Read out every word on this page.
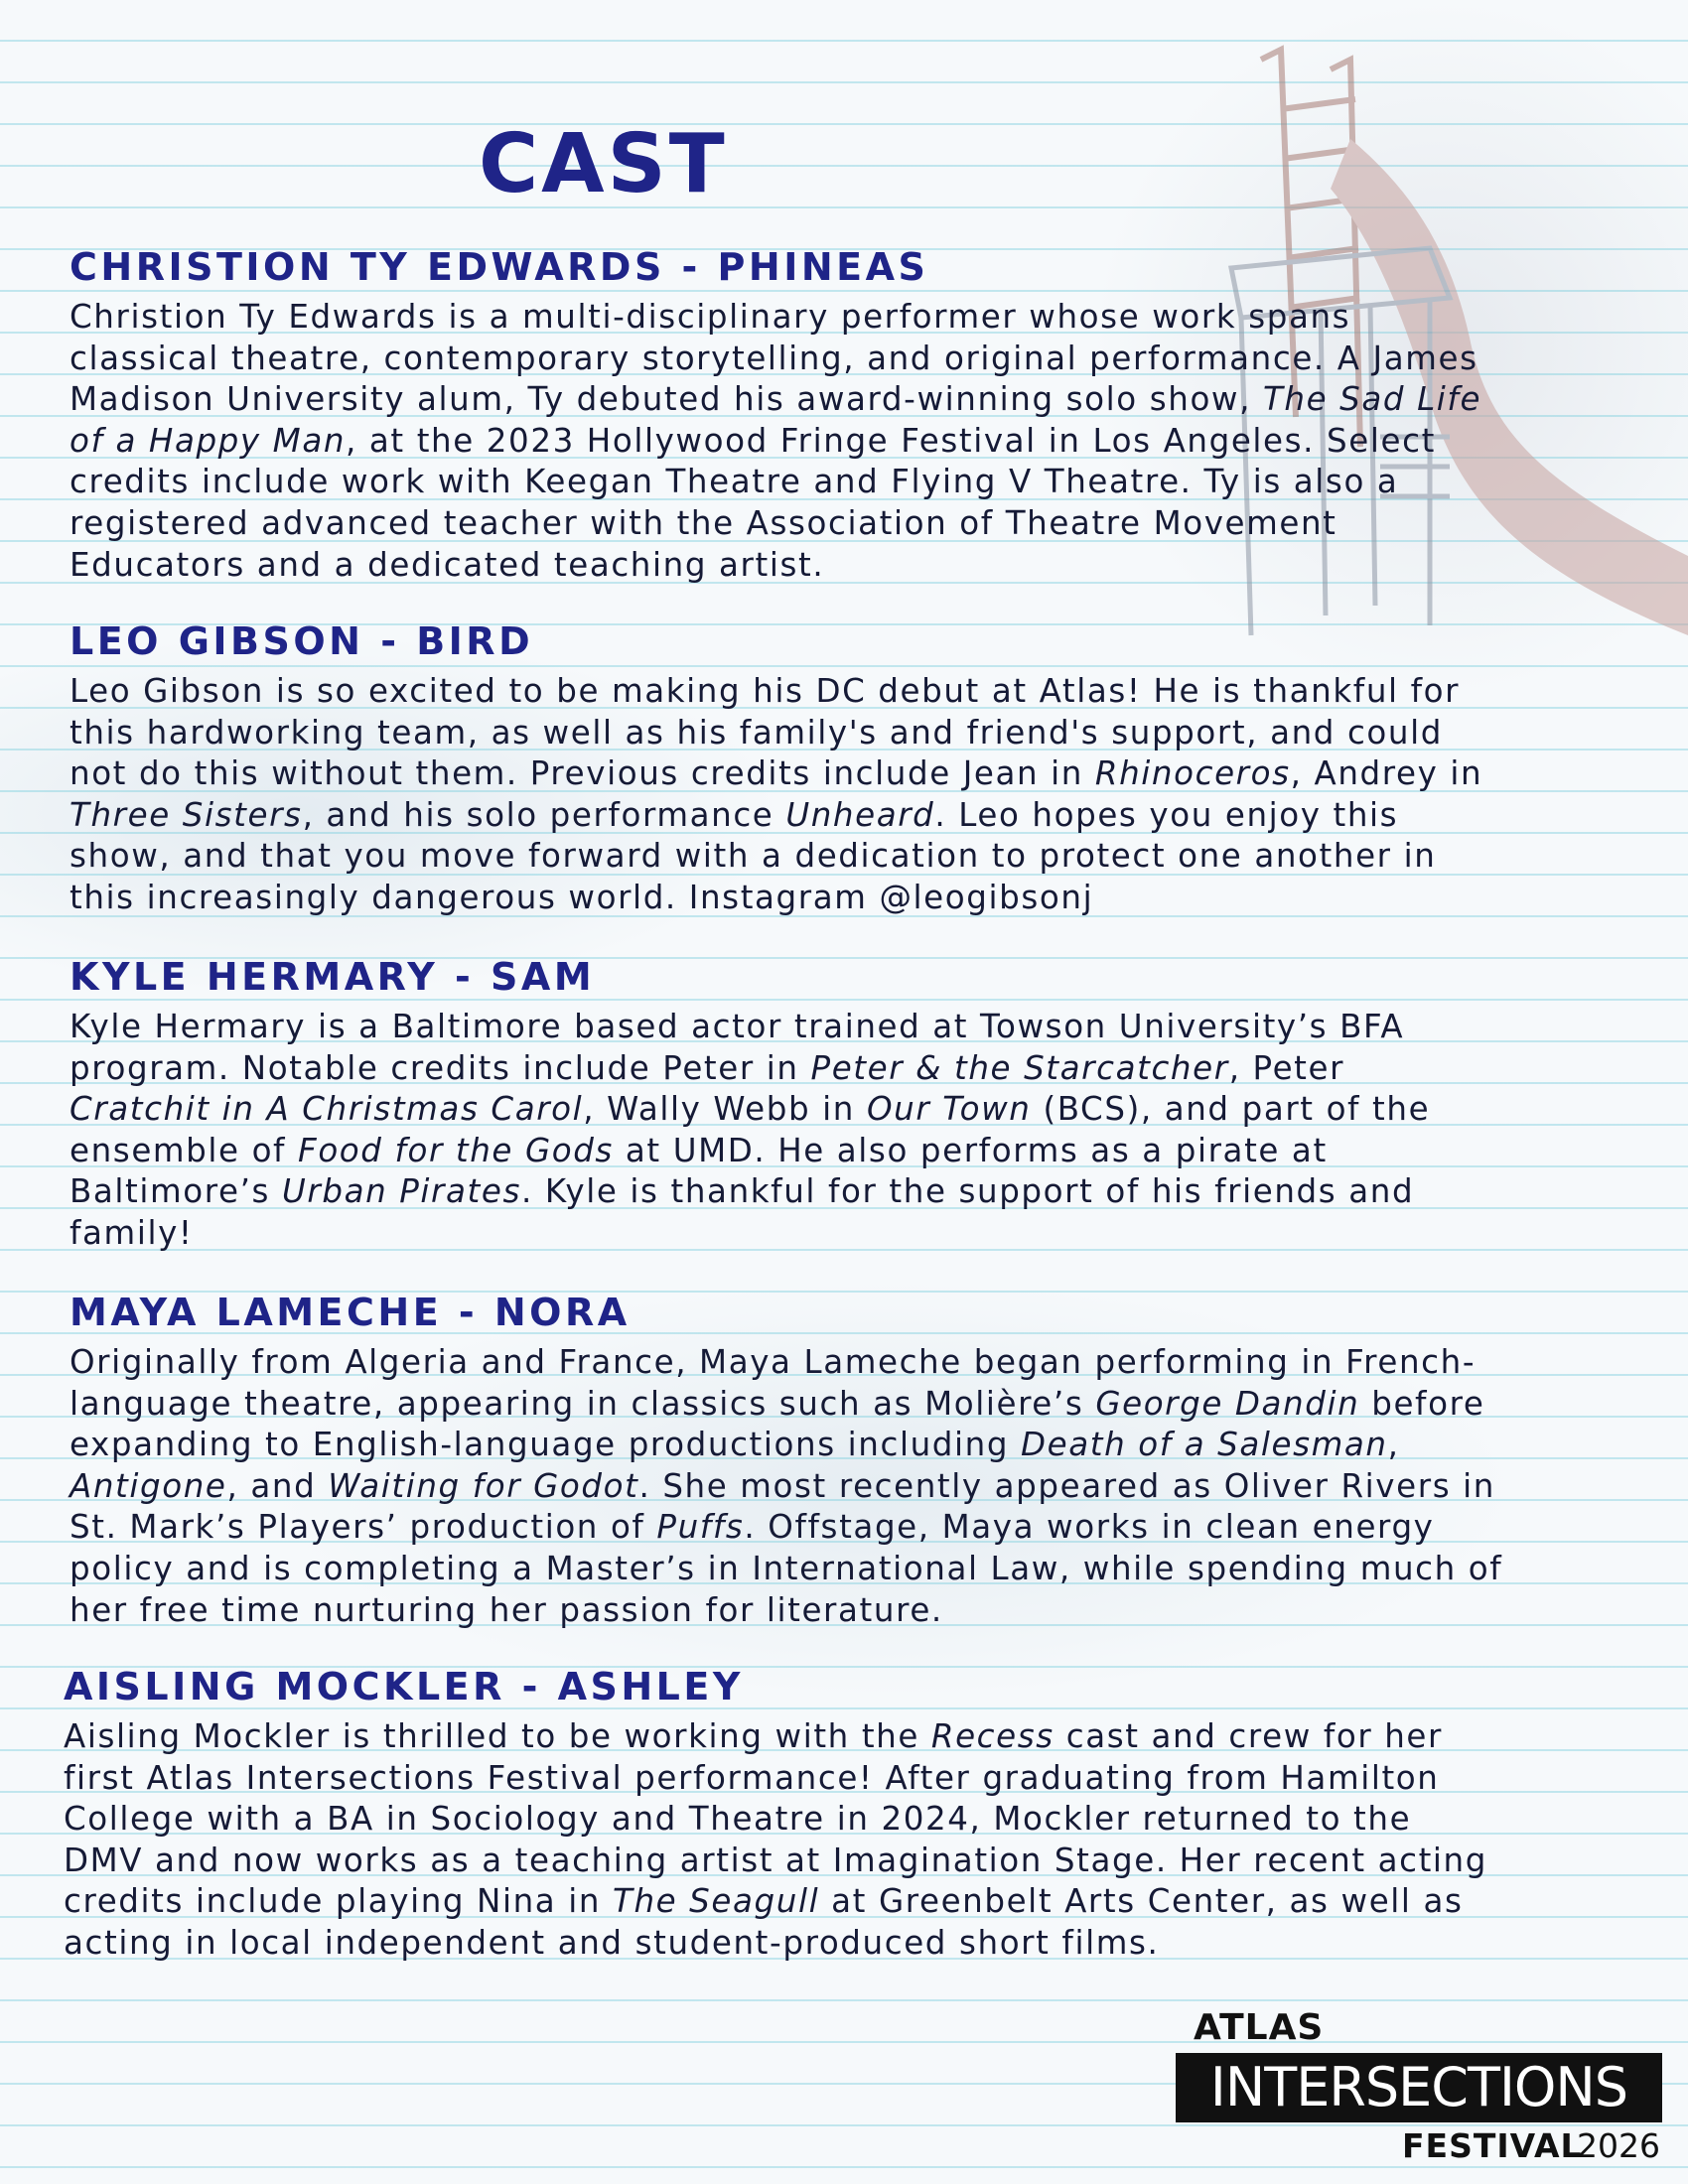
CAST
CHRISTION TY EDWARDS - PHINEAS

Christion Ty Edwards is a multi-disciplinary performer whose work spans
classical theatre, contemporary storytelling, and original performance. A James
Madison University alum, Ty debuted his award-winning solo show, The Sad Life
of a Happy Man, at the 2023 Hollywood Fringe Festival in Los Angeles. Select
credits include work with Keegan Theatre and Flying V Theatre. Ty is also a
registered advanced teacher with the Association of Theatre Movement
Educators and a dedicated teaching artist.

LEO GIBSON - BIRD

Leo Gibson is so excited to be making his DC debut at Atlas! He is thankful for
this hardworking team, as well as his family's and friend's support, and could
not do this without them. Previous credits include Jean in Rhinoceros, Andrey in
Three Sisters, and his solo performance Unheard. Leo hopes you enjoy this
show, and that you move forward with a dedication to protect one another in
this increasingly dangerous world. Instagram @leogibsonj

KYLE HERMARY - SAM

Kyle Hermary is a Baltimore based actor trained at Towson University’s BFA
program. Notable credits include Peter in Peter & the Starcatcher, Peter
Cratchit in A Christmas Carol, Wally Webb in Our Town (BCS), and part of the
ensemble of Food for the Gods at UMD. He also performs as a pirate at
Baltimore’s Urban Pirates. Kyle is thankful for the support of his friends and
family!

MAYA LAMECHE - NORA

Originally from Algeria and France, Maya Lameche began performing in French-
language theatre, appearing in classics such as Molière’s George Dandin before
expanding to English-language productions including Death of a Salesman,
Antigone, and Waiting for Godot. She most recently appeared as Oliver Rivers in
St. Mark’s Players’ production of Puffs. Offstage, Maya works in clean energy
policy and is completing a Master’s in International Law, while spending much of
her free time nurturing her passion for literature.

AISLING MOCKLER - ASHLEY

Aisling Mockler is thrilled to be working with the Recess cast and crew for her
first Atlas Intersections Festival performance! After graduating from Hamilton
College with a BA in Sociology and Theatre in 2024, Mockler returned to the
DMV and now works as a teaching artist at Imagination Stage. Her recent acting
credits include playing Nina in The Seagull at Greenbelt Arts Center, as well as
acting in local independent and student-produced short films.

ATLAS
INTERSECTIONS
FESTIVAL
2026
